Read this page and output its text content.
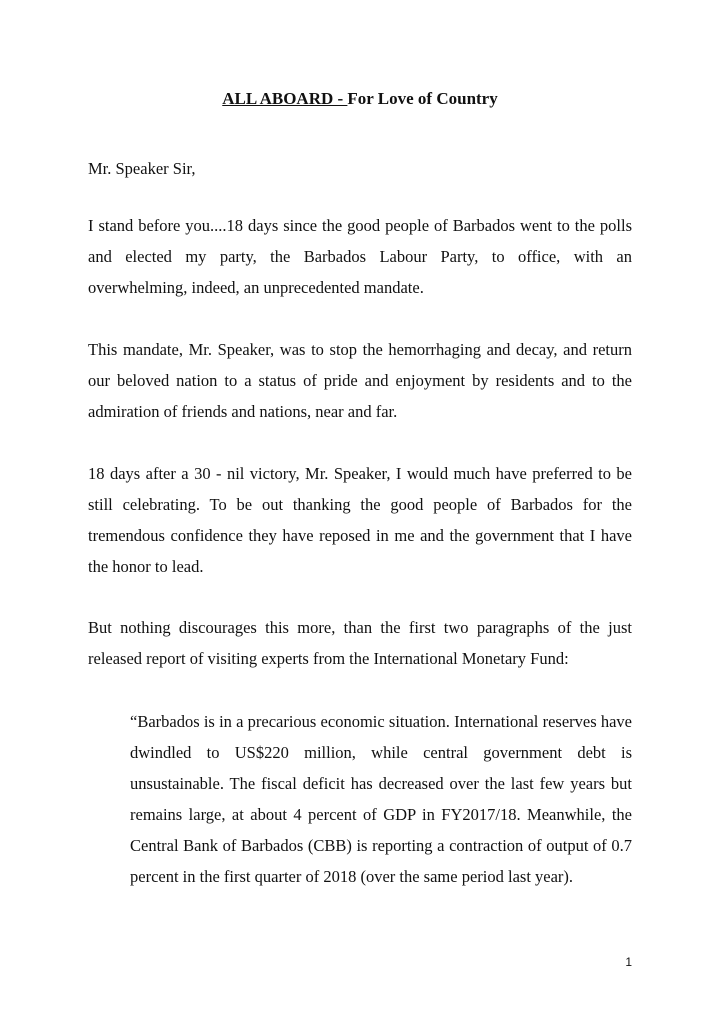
ALL ABOARD - For Love of Country

Mr. Speaker Sir,

I stand before you....18 days since the good people of Barbados went to the polls and elected my party, the Barbados Labour Party, to office, with an overwhelming, indeed, an unprecedented mandate.

This mandate, Mr. Speaker, was to stop the hemorrhaging and decay, and return our beloved nation to a status of pride and enjoyment by residents and to the admiration of friends and nations, near and far.

18 days after a 30 - nil victory, Mr. Speaker, I would much have preferred to be still celebrating. To be out thanking the good people of Barbados for the tremendous confidence they have reposed in me and the government that I have the honor to lead.

But nothing discourages this more, than the first two paragraphs of the just released report of visiting experts from the International Monetary Fund:

“Barbados is in a precarious economic situation. International reserves have dwindled to US$220 million, while central government debt is unsustainable. The fiscal deficit has decreased over the last few years but remains large, at about 4 percent of GDP in FY2017/18. Meanwhile, the Central Bank of Barbados (CBB) is reporting a contraction of output of 0.7 percent in the first quarter of 2018 (over the same period last year).

1
